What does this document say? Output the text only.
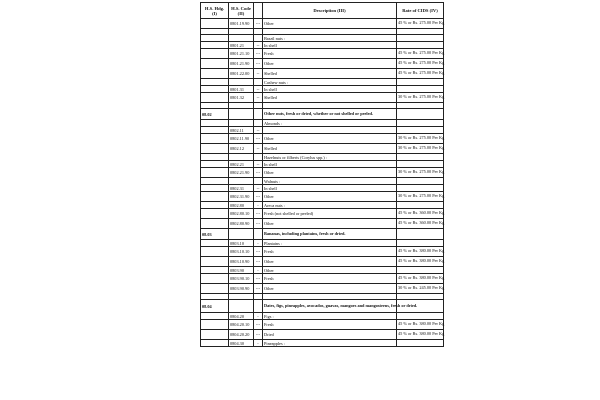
H.S. Hdg. (I)	H.S. Code (II)		Description (III)	Rate of CIDS (IV)
	0801.19.90	---	Other	45 % or Rs. 275.00 Per Kg

			Brazil nuts :	
	0801.21	--	In shell	
	0801.21.10	---	Fresh	45 % or Rs. 275.00 Per Kg
	0801.21.90	---	Other	45 % or Rs. 275.00 Per Kg
	0801.22.00	--	Shelled	45 % or Rs. 275.00 Per Kg
			Cashew nuts :	
	0801.31	--	In shell	
	0801.32	--	Shelled	30 % or Rs. 275.00 Per Kg

08.02			Other nuts, fresh or dried, whether or not shelled or peeled.	
			Almonds :	
	0802.11	--		
	0802.11.90	---	Other	30 % or Rs. 275.00 Per Kg
	0802.12	--	Shelled	30 % or Rs. 275.00 Per Kg
			Hazelnuts or filberts (Corylus spp.) :	
	0802.21	--	In shell	
	0802.21.90	---	Other	30 % or Rs. 275.00 Per Kg
			Walnuts :	
	0802.31	--	In shell	
	0802.31.90	---	Other	30 % or Rs. 275.00 Per Kg
	0802.80	-	Areca nuts :	
	0802.80.10	---	Fresh (not shelled or peeled)	45 % or Rs. 360.00 Per Kg
	0802.80.90	---	Other	45 % or Rs. 360.00 Per Kg
08.03			Bananas, including plantains, fresh or dried.	
	0803.10	-	Plantains :	
	0803.10.10	---	Fresh	45 % or Rs. 380.00 Per Kg
	0803.10.90	---	Other	45 % or Rs. 380.00 Per Kg
	0803.90	-	Other	
	0803.90.10	---	Fresh	45 % or Rs. 380.00 Per Kg
	0803.90.90	---	Other	30 % or Rs. 245.00 Per Kg

08.04			Dates, figs, pineapples, avocados, guavas, mangoes and mangosteens, fresh or dried.	
	0804.20	-	Figs :	
	0804.20.10	---	Fresh	45 % or Rs. 380.00 Per Kg
	0804.20.20	---	Dried	45 % or Rs. 380.00 Per Kg
	0804.30	-	Pineapples :	
